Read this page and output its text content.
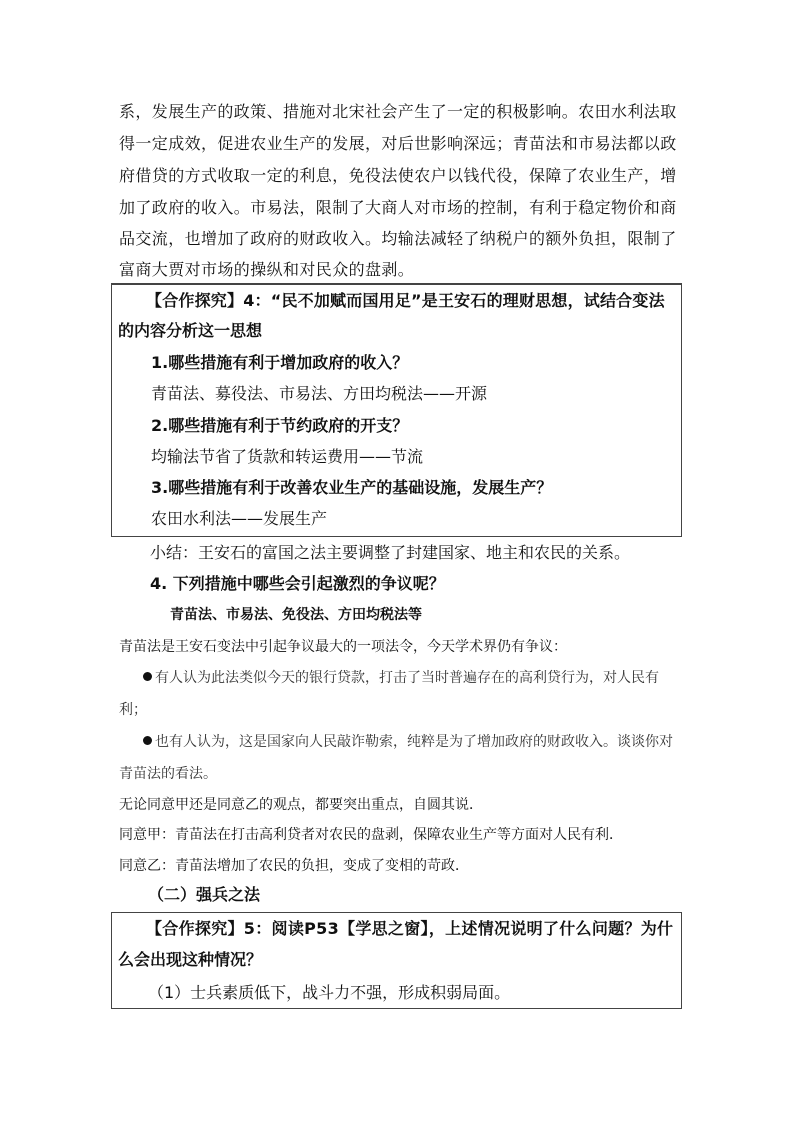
系，发展生产的政策、措施对北宋社会产生了一定的积极影响。农田水利法取
得一定成效，促进农业生产的发展，对后世影响深远；青苗法和市易法都以政
府借贷的方式收取一定的利息，免役法使农户以钱代役，保障了农业生产，增
加了政府的收入。市易法，限制了大商人对市场的控制，有利于稳定物价和商
品交流，也增加了政府的财政收入。均输法减轻了纳税户的额外负担，限制了
富商大贾对市场的操纵和对民众的盘剥。
【合作探究】4：“民不加赋而国用足”是王安石的理财思想，试结合变法
的内容分析这一思想
1.哪些措施有利于增加政府的收入？
青苗法、募役法、市易法、方田均税法——开源
2.哪些措施有利于节约政府的开支？
均输法节省了货款和转运费用——节流
3.哪些措施有利于改善农业生产的基础设施，发展生产？
农田水利法——发展生产
小结：王安石的富国之法主要调整了封建国家、地主和农民的关系。
4. 下列措施中哪些会引起激烈的争议呢？
青苗法、市易法、免役法、方田均税法等
青苗法是王安石变法中引起争议最大的一项法令，今天学术界仍有争议：
有人认为此法类似今天的银行贷款，打击了当时普遍存在的高利贷行为，对人民有
利；
也有人认为，这是国家向人民敲诈勒索，纯粹是为了增加政府的财政收入。谈谈你对
青苗法的看法。
无论同意甲还是同意乙的观点，都要突出重点，自圆其说．
同意甲：青苗法在打击高利贷者对农民的盘剥，保障农业生产等方面对人民有利．
同意乙：青苗法增加了农民的负担，变成了变相的苛政．
（二）强兵之法
【合作探究】5：阅读P53【学思之窗】，上述情况说明了什么问题？为什
么会出现这种情况？
（1）士兵素质低下，战斗力不强，形成积弱局面。
